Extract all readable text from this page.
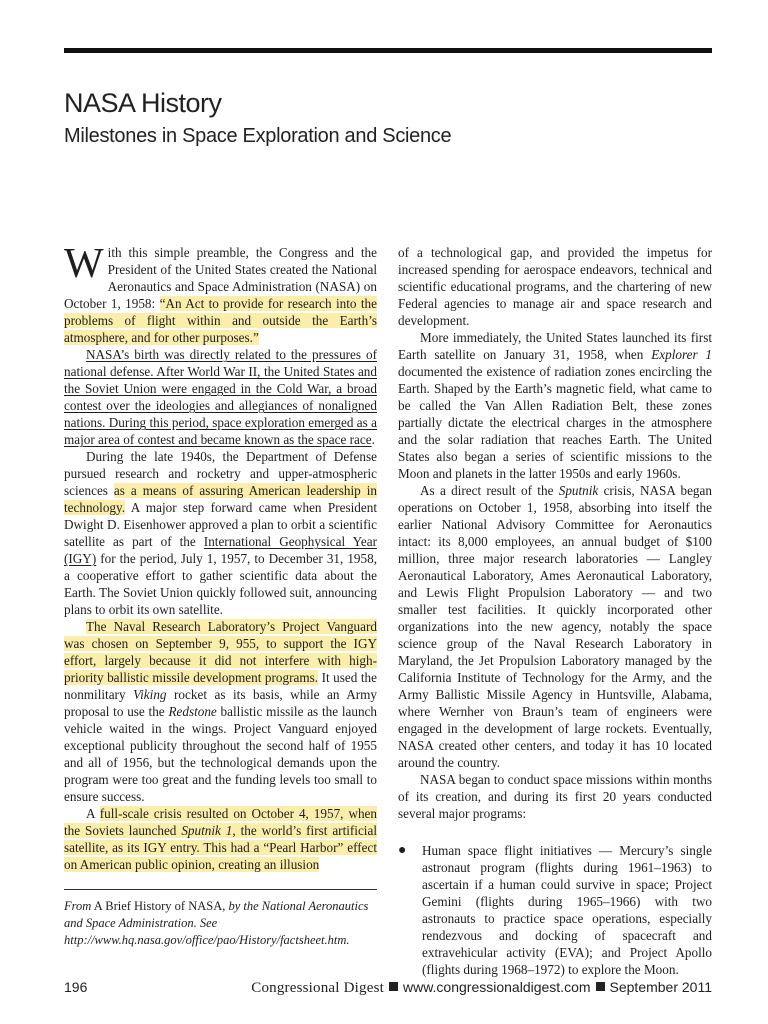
NASA History
Milestones in Space Exploration and Science

With this simple preamble, the Congress and the President of the United States created the National Aeronautics and Space Administration (NASA) on October 1, 1958: “An Act to provide for research into the problems of flight within and outside the Earth’s atmosphere, and for other purposes.”

NASA’s birth was directly related to the pressures of national defense. After World War II, the United States and the Soviet Union were engaged in the Cold War, a broad contest over the ideologies and allegiances of nonaligned nations. During this period, space exploration emerged as a major area of contest and became known as the space race.

During the late 1940s, the Department of Defense pursued research and rocketry and upper-atmospheric sciences as a means of assuring American leadership in technology. A major step forward came when President Dwight D. Eisenhower approved a plan to orbit a scientific satellite as part of the International Geophysical Year (IGY) for the period, July 1, 1957, to December 31, 1958, a cooperative effort to gather scientific data about the Earth. The Soviet Union quickly followed suit, announcing plans to orbit its own satellite.

The Naval Research Laboratory’s Project Vanguard was chosen on September 9, 955, to support the IGY effort, largely because it did not interfere with high-priority ballistic missile development programs. It used the nonmilitary Viking rocket as its basis, while an Army proposal to use the Redstone ballistic missile as the launch vehicle waited in the wings. Project Vanguard enjoyed exceptional publicity throughout the second half of 1955 and all of 1956, but the technological demands upon the program were too great and the funding levels too small to ensure success.

A full-scale crisis resulted on October 4, 1957, when the Soviets launched Sputnik 1, the world’s first artificial satellite, as its IGY entry. This had a “Pearl Harbor” effect on American public opinion, creating an illusion

From A Brief History of NASA, by the National Aeronautics and Space Administration. See http://www.hq.nasa.gov/office/pao/History/factsheet.htm.

of a technological gap, and provided the impetus for increased spending for aerospace endeavors, technical and scientific educational programs, and the chartering of new Federal agencies to manage air and space research and development.

More immediately, the United States launched its first Earth satellite on January 31, 1958, when Explorer 1 documented the existence of radiation zones encircling the Earth. Shaped by the Earth’s magnetic field, what came to be called the Van Allen Radiation Belt, these zones partially dictate the electrical charges in the atmosphere and the solar radiation that reaches Earth. The United States also began a series of scientific missions to the Moon and planets in the latter 1950s and early 1960s.

As a direct result of the Sputnik crisis, NASA began operations on October 1, 1958, absorbing into itself the earlier National Advisory Committee for Aeronautics intact: its 8,000 employees, an annual budget of $100 million, three major research laboratories — Langley Aeronautical Laboratory, Ames Aeronautical Laboratory, and Lewis Flight Propulsion Laboratory — and two smaller test facilities. It quickly incorporated other organizations into the new agency, notably the space science group of the Naval Research Laboratory in Maryland, the Jet Propulsion Laboratory managed by the California Institute of Technology for the Army, and the Army Ballistic Missile Agency in Huntsville, Alabama, where Wernher von Braun’s team of engineers were engaged in the development of large rockets. Eventually, NASA created other centers, and today it has 10 located around the country.

NASA began to conduct space missions within months of its creation, and during its first 20 years conducted several major programs:

● Human space flight initiatives — Mercury’s single astronaut program (flights during 1961–1963) to ascertain if a human could survive in space; Project Gemini (flights during 1965–1966) with two astronauts to practice space operations, especially rendezvous and docking of spacecraft and extravehicular activity (EVA); and Project Apollo (flights during 1968–1972) to explore the Moon.
196	Congressional Digest www.congressionaldigest.com September 2011
